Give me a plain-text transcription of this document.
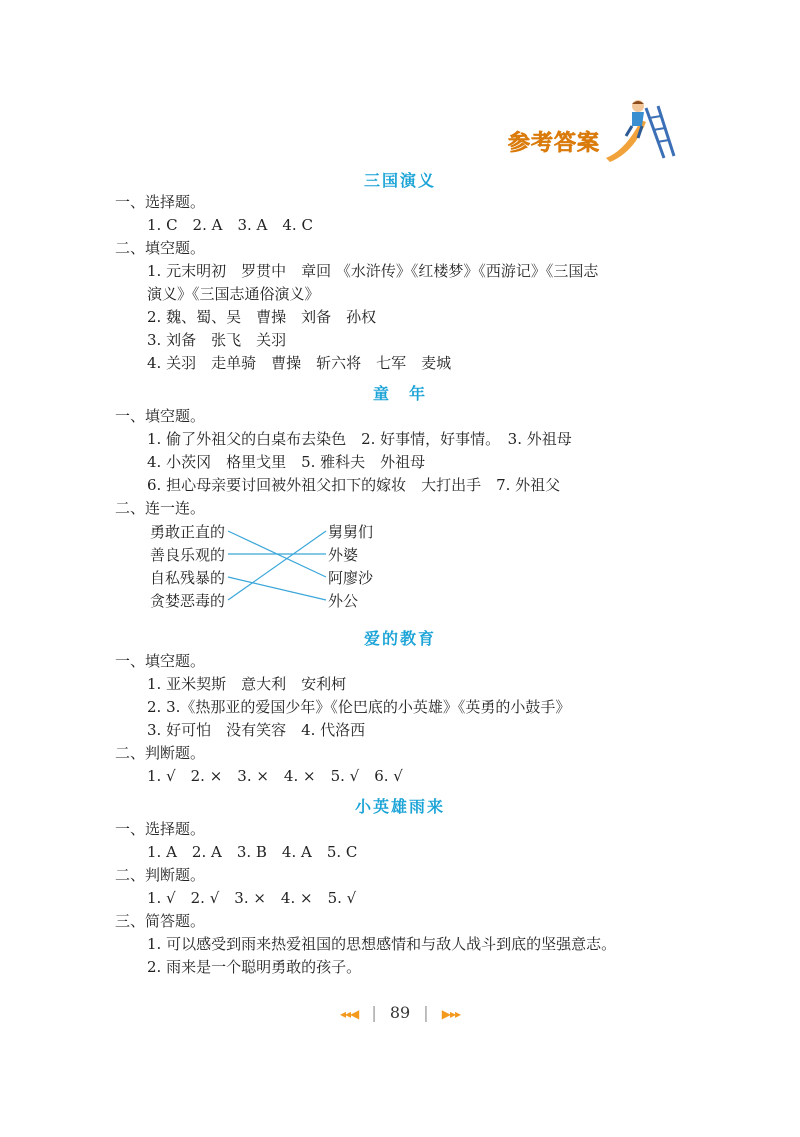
参考答案
三国演义
一、选择题。
1. C　2. A　3. A　4. C
二、填空题。
1. 元末明初　罗贯中　章回 《水浒传》《红楼梦》《西游记》《三国志
演义》《三国志通俗演义》
2. 魏、蜀、吴　曹操　刘备　孙权
3. 刘备　张飞　关羽
4. 关羽　走单骑　曹操　斩六将　七军　麦城
童　年
一、填空题。
1. 偷了外祖父的白桌布去染色　2. 好事情，好事情。　3. 外祖母
4. 小茨冈　格里戈里　5. 雅科夫　外祖母
6. 担心母亲要讨回被外祖父扣下的嫁妆　大打出手　7. 外祖父
二、连一连。
勇敢正直的
善良乐观的
自私残暴的
贪婪恶毒的
舅舅们
外婆
阿廖沙
外公
爱的教育
一、填空题。
1. 亚米契斯　意大利　安利柯
2. 3.《热那亚的爱国少年》《伦巴底的小英雄》《英勇的小鼓手》
3. 好可怕　没有笑容　4. 代洛西
二、判断题。
1. √　2. ×　3. ×　4. ×　5. √　6. √
小英雄雨来
一、选择题。
1. A　2. A　3. B　4. A　5. C
二、判断题。
1. √　2. √　3. ×　4. ×　5. √
三、简答题。
1. 可以感受到雨来热爱祖国的思想感情和与敌人战斗到底的坚强意志。
2. 雨来是一个聪明勇敢的孩子。
◂◂◀ | 89 | ▶▸▸
